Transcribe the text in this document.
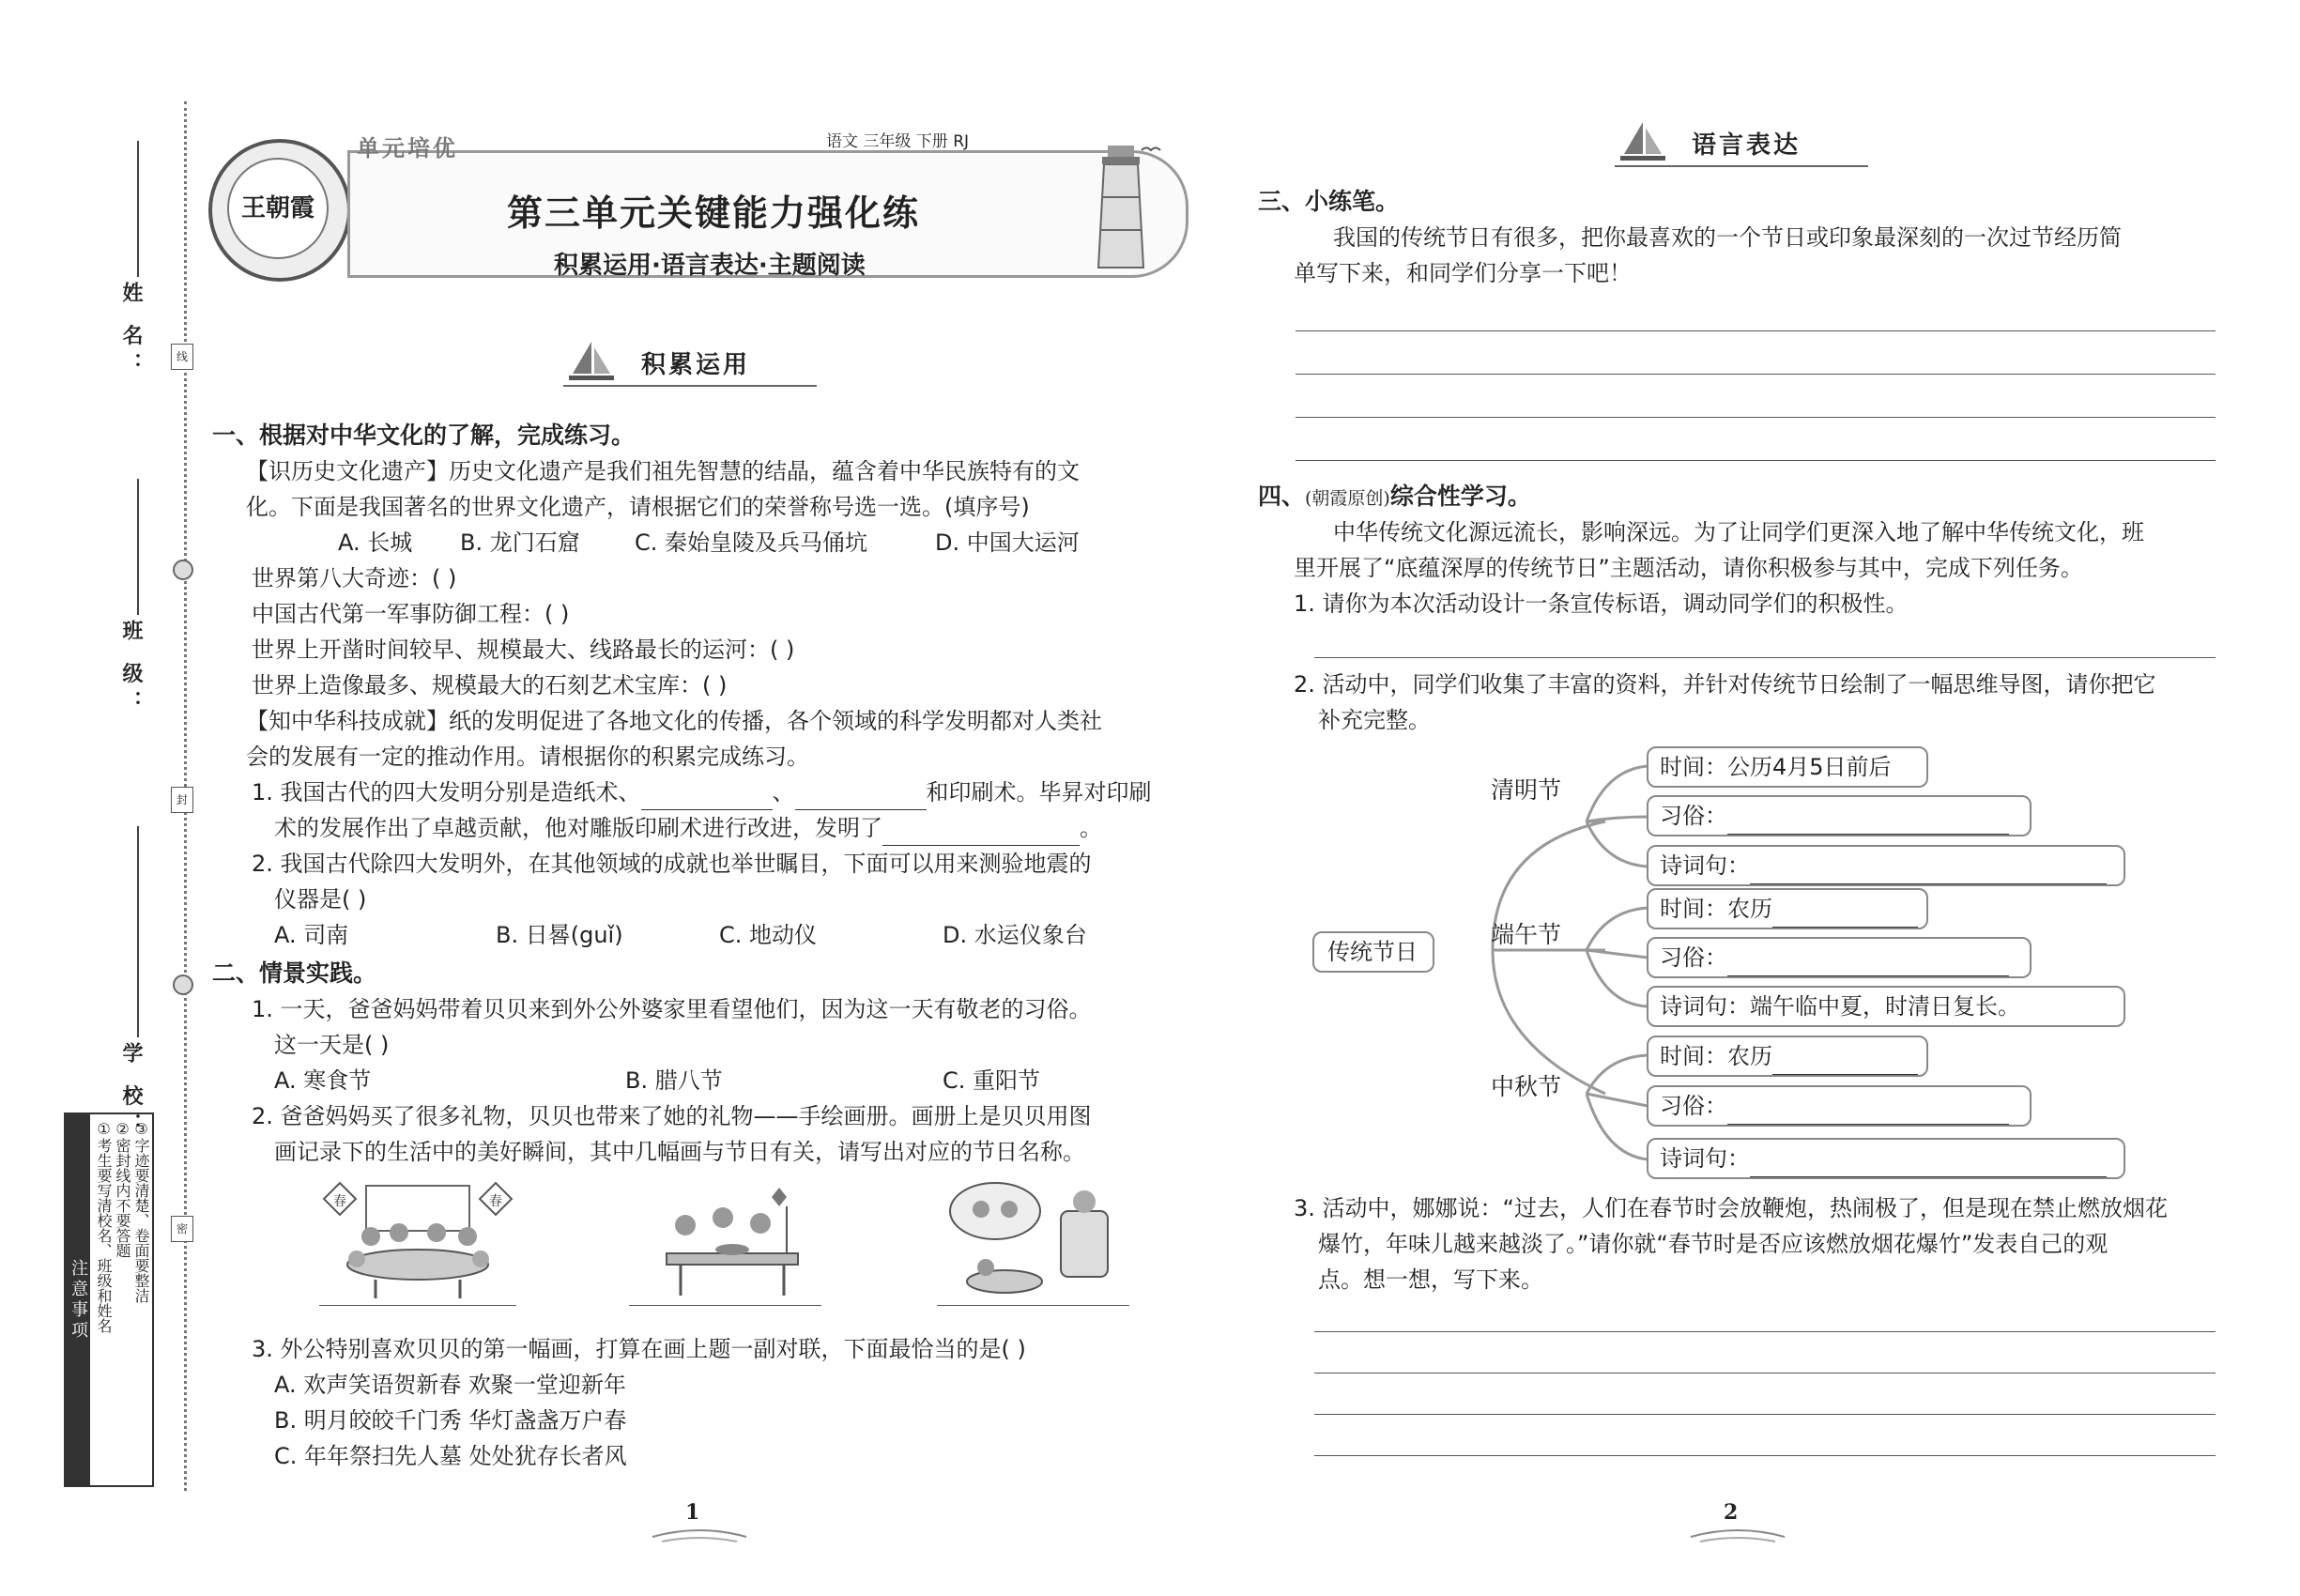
姓 名：
班 级：
学 校：
线
封
密
注意事项 ①考生要写清校名、班级和姓名 ②密封线内不要答题 ③字迹要清楚、卷面要整洁
王朝霞
单元培优	语文 三年级 下册 RJ
第三单元关键能力强化练
积累运用·语言表达·主题阅读
积累运用
一、根据对中华文化的了解，完成练习。
【识历史文化遗产】历史文化遗产是我们祖先智慧的结晶，蕴含着中华民族特有的文
化。下面是我国著名的世界文化遗产，请根据它们的荣誉称号选一选。(填序号)
A. 长城 B. 龙门石窟 C. 秦始皇陵及兵马俑坑	D. 中国大运河
世界第八大奇迹：( )
中国古代第一军事防御工程：( )
世界上开凿时间较早、规模最大、线路最长的运河：( )
世界上造像最多、规模最大的石刻艺术宝库：( )
【知中华科技成就】纸的发明促进了各地文化的传播，各个领域的科学发明都对人类社
会的发展有一定的推动作用。请根据你的积累完成练习。
1. 我国古代的四大发明分别是造纸术、	、	和印刷术。毕昇对印刷
术的发展作出了卓越贡献，他对雕版印刷术进行改进，发明了	。
2. 我国古代除四大发明外，在其他领域的成就也举世瞩目，下面可以用来测验地震的
仪器是( )
A. 司南	B. 日晷(guǐ)	C. 地动仪	D. 水运仪象台
二、情景实践。
1. 一天，爸爸妈妈带着贝贝来到外公外婆家里看望他们，因为这一天有敬老的习俗。
这一天是( )
A. 寒食节	B. 腊八节	C. 重阳节
2. 爸爸妈妈买了很多礼物，贝贝也带来了她的礼物——手绘画册。画册上是贝贝用图
画记录下的生活中的美好瞬间，其中几幅画与节日有关，请写出对应的节日名称。
春	春
3. 外公特别喜欢贝贝的第一幅画，打算在画上题一副对联，下面最恰当的是( )
A. 欢声笑语贺新春 欢聚一堂迎新年
B. 明月皎皎千门秀 华灯盏盏万户春
C. 年年祭扫先人墓 处处犹存长者风
1
语言表达
三、小练笔。
我国的传统节日有很多，把你最喜欢的一个节日或印象最深刻的一次过节经历简
单写下来，和同学们分享一下吧！
四、(朝霞原创)综合性学习。
中华传统文化源远流长，影响深远。为了让同学们更深入地了解中华传统文化，班
里开展了“底蕴深厚的传统节日”主题活动，请你积极参与其中，完成下列任务。
1. 请你为本次活动设计一条宣传标语，调动同学们的积极性。
2. 活动中，同学们收集了丰富的资料，并针对传统节日绘制了一幅思维导图，请你把它
补充完整。
传统节日
清明节
端午节
中秋节
时间：公历4月5日前后
习俗：
诗词句：
时间：农历
习俗：
诗词句：端午临中夏，时清日复长。
时间：农历
习俗：
诗词句：
3. 活动中，娜娜说：“过去，人们在春节时会放鞭炮，热闹极了，但是现在禁止燃放烟花
爆竹，年味儿越来越淡了。”请你就“春节时是否应该燃放烟花爆竹”发表自己的观
点。想一想，写下来。
2
